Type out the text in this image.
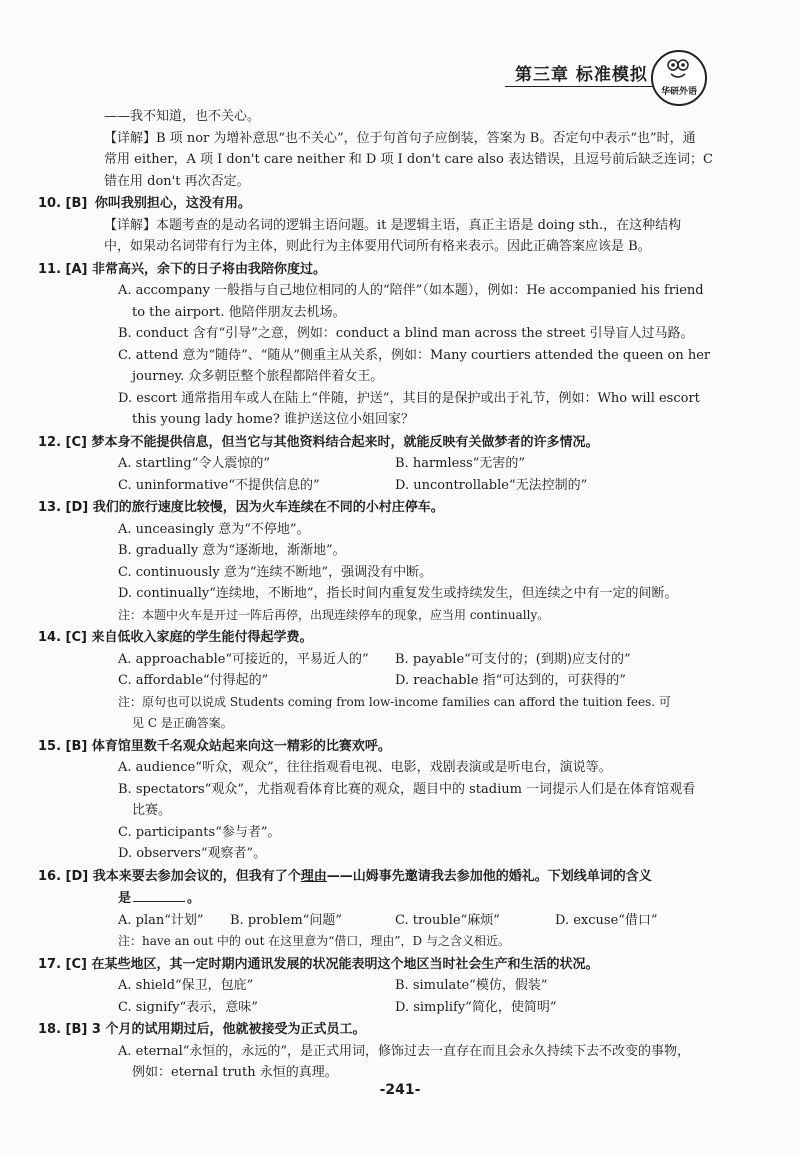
第三章 标准模拟
华研外语
——我不知道，也不关心。
【详解】B 项 nor 为增补意思“也不关心”，位于句首句子应倒装，答案为 B。否定句中表示“也”时，通
常用 either，A 项 I don't care neither 和 D 项 I don't care also 表达错误，且逗号前后缺乏连词；C
错在用 don't 再次否定。
10. [B] 你叫我别担心，这没有用。
【详解】本题考查的是动名词的逻辑主语问题。it 是逻辑主语，真正主语是 doing sth.，在这种结构
中，如果动名词带有行为主体，则此行为主体要用代词所有格来表示。因此正确答案应该是 B。
11. [A] 非常高兴，余下的日子将由我陪你度过。
A. accompany 一般指与自己地位相同的人的“陪伴”（如本题），例如：He accompanied his friend
to the airport. 他陪伴朋友去机场。
B. conduct 含有“引导”之意，例如：conduct a blind man across the street 引导盲人过马路。
C. attend 意为“随侍”、“随从”侧重主从关系，例如：Many courtiers attended the queen on her
journey. 众多朝臣整个旅程都陪伴着女王。
D. escort 通常指用车或人在陆上“伴随，护送”，其目的是保护或出于礼节，例如：Who will escort
this young lady home? 谁护送这位小姐回家？
12. [C] 梦本身不能提供信息，但当它与其他资料结合起来时，就能反映有关做梦者的许多情况。
A. startling“令人震惊的”	B. harmless“无害的”
C. uninformative“不提供信息的”	D. uncontrollable“无法控制的”
13. [D] 我们的旅行速度比较慢，因为火车连续在不同的小村庄停车。
A. unceasingly 意为“不停地”。
B. gradually 意为“逐渐地，渐渐地”。
C. continuously 意为“连续不断地”，强调没有中断。
D. continually“连续地，不断地”，指长时间内重复发生或持续发生，但连续之中有一定的间断。
注：本题中火车是开过一阵后再停，出现连续停车的现象，应当用 continually。
14. [C] 来自低收入家庭的学生能付得起学费。
A. approachable“可接近的，平易近人的”	B. payable“可支付的；(到期)应支付的”
C. affordable“付得起的”	D. reachable 指“可达到的，可获得的”
注：原句也可以说成 Students coming from low-income families can afford the tuition fees. 可
见 C 是正确答案。
15. [B] 体育馆里数千名观众站起来向这一精彩的比赛欢呼。
A. audience“听众，观众”，往往指观看电视、电影，戏剧表演或是听电台，演说等。
B. spectators“观众”，尤指观看体育比赛的观众，题目中的 stadium 一词提示人们是在体育馆观看
比赛。
C. participants“参与者”。
D. observers“观察者”。
16. [D] 我本来要去参加会议的，但我有了个理由——山姆事先邀请我去参加他的婚礼。下划线单词的含义
是	。
A. plan“计划”	B. problem“问题”	C. trouble“麻烦”	D. excuse“借口”
注：have an out 中的 out 在这里意为“借口，理由”，D 与之含义相近。
17. [C] 在某些地区，其一定时期内通讯发展的状况能表明这个地区当时社会生产和生活的状况。
A. shield“保卫，包庇”	B. simulate“模仿，假装”
C. signify“表示，意味”	D. simplify“简化，使简明”
18. [B] 3 个月的试用期过后，他就被接受为正式员工。
A. eternal“永恒的，永远的”，是正式用词，修饰过去一直存在而且会永久持续下去不改变的事物，
例如：eternal truth 永恒的真理。
-241-
